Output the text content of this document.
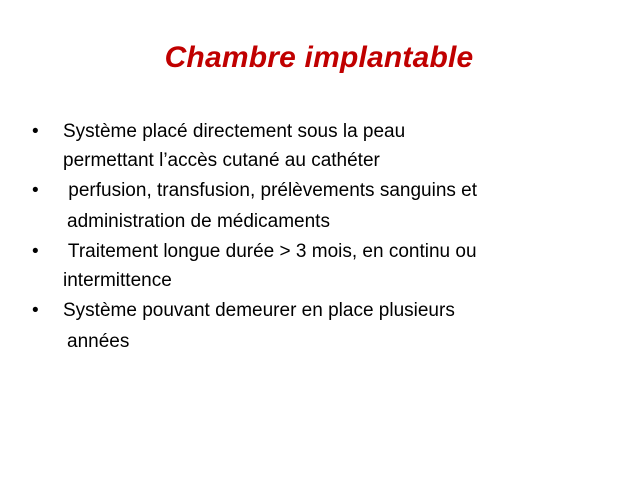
Chambre implantable
• Système placé directement sous la peau
permettant l’accès cutané au cathéter
• perfusion, transfusion, prélèvements sanguins et
administration de médicaments
• Traitement longue durée > 3 mois, en continu ou
intermittence
• Système pouvant demeurer en place plusieurs
années
